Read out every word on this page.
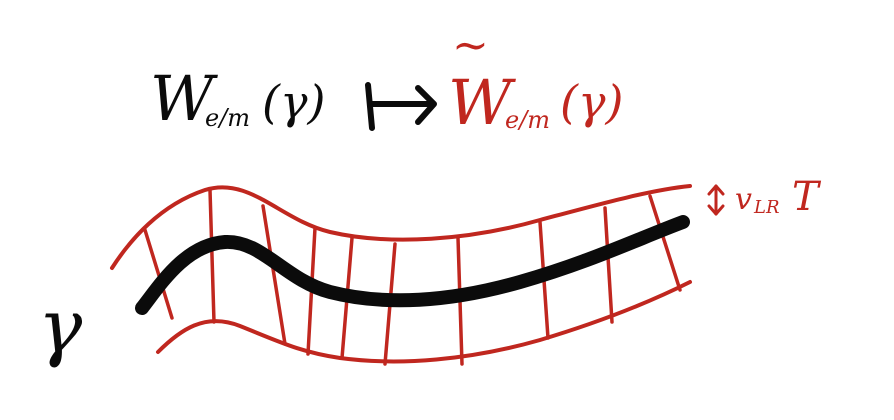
W
e/m (γ)
~
W
e/m (γ)
γ
v LR T
